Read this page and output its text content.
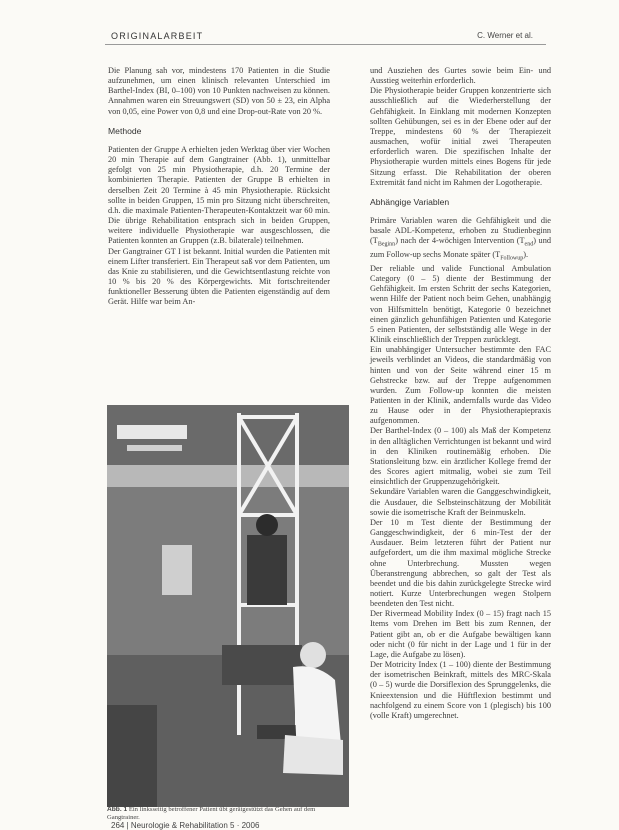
ORIGINALARBEIT	C. Werner et al.

Die Planung sah vor, mindestens 170 Patienten in die Studie aufzunehmen, um einen klinisch relevanten Unterschied im Barthel-Index (BI, 0–100) von 10 Punkten nachweisen zu können. Annahmen waren ein Streuungswert (SD) von 50 ± 23, ein Alpha von 0,05, eine Power von 0,8 und eine Drop-out-Rate von 20 %.

Methode

Patienten der Gruppe A erhielten jeden Werktag über vier Wochen 20 min Therapie auf dem Gangtrainer (Abb. 1), unmittelbar gefolgt von 25 min Physiotherapie, d.h. 20 Termine der kombinierten Therapie. Patienten der Gruppe B erhielten in derselben Zeit 20 Termine à 45 min Physiotherapie. Rücksicht sollte in beiden Gruppen, 15 min pro Sitzung nicht überschreiten, d.h. die maximale Patienten-Therapeuten-Kontaktzeit war 60 min. Die übrige Rehabilitation entsprach sich in beiden Gruppen, weitere individuelle Physiotherapie war ausgeschlossen, die Patienten konnten an Gruppen (z.B. bilaterale) teilnehmen.

Der Gangtrainer GT I ist bekannt. Initial wurden die Patienten mit einem Lifter transferiert. Ein Therapeut saß vor dem Patienten, um das Knie zu stabilisieren, und die Gewichtsentlastung reichte von 10 % bis 20 % des Körpergewichts. Mit fortschreitender funktioneller Besserung übten die Patienten eigenständig auf dem Gerät. Hilfe war beim An-

Abb. 1 Ein linksseitig betroffener Patient übt gerätgestützt das Gehen auf dem Gangtrainer.

und Ausziehen des Gurtes sowie beim Ein- und Ausstieg weiterhin erforderlich.

Die Physiotherapie beider Gruppen konzentrierte sich ausschließlich auf die Wiederherstellung der Gehfähigkeit. In Einklang mit modernen Konzepten sollten Gehübungen, sei es in der Ebene oder auf der Treppe, mindestens 60 % der Therapiezeit ausmachen, wofür initial zwei Therapeuten erforderlich waren. Die spezifischen Inhalte der Physiotherapie wurden mittels eines Bogens für jede Sitzung erfasst. Die Rehabilitation der oberen Extremität fand nicht im Rahmen der Logotherapie.

Abhängige Variablen

Primäre Variablen waren die Gehfähigkeit und die basale ADL-Kompetenz, erhoben zu Studienbeginn $(T_{Beginn})$ nach der 4-wöchigen Intervention $(T_{end})$ und zum Follow-up sechs Monate später $(T_{Followup})$.

Der reliable und valide Functional Ambulation Category (0 – 5) diente der Bestimmung der Gehfähigkeit. Im ersten Schritt der sechs Kategorien, wenn Hilfe der Patient noch beim Gehen, unabhängig von Hilfsmitteln benötigt, Kategorie 0 bezeichnet einen gänzlich gehunfähigen Patienten und Kategorie 5 einen Patienten, der selbstständig alle Wege in der Klinik einschließlich der Treppen zurücklegt.

Ein unabhängiger Untersucher bestimmte den FAC jeweils verblindet an Videos, die standardmäßig von hinten und von der Seite während einer 15 m Gehstrecke bzw. auf der Treppe aufgenommen wurden. Zum Follow-up konnten die meisten Patienten in der Klinik, andernfalls wurde das Video zu Hause oder in der Physiotherapiepraxis aufgenommen.

Der Barthel-Index (0 – 100) als Maß der Kompetenz in den alltäglichen Verrichtungen ist bekannt und wird in den Kliniken routinemäßig erhoben. Die Stationsleitung bzw. ein ärztlicher Kollege fremd der des Scores agiert mitmalig, wobei sie zum Teil einsichtlich der Gruppenzugehörigkeit.

Sekundäre Variablen waren die Ganggeschwindigkeit, die Ausdauer, die Selbsteinschätzung der Mobilität sowie die isometrische Kraft der Beinmuskeln.

Der 10 m Test diente der Bestimmung der Ganggeschwindigkeit, der 6 min-Test der der Ausdauer. Beim letzteren führt der Patient nur aufgefordert, um die ihm maximal mögliche Strecke ohne Unterbrechung. Mussten wegen Überanstrengung abbrechen, so galt der Test als beendet und die bis dahin zurückgelegte Strecke wird notiert. Kurze Unterbrechungen wegen Stolpern beendeten den Test nicht.

Der Rivermead Mobility Index (0 – 15) fragt nach 15 Items vom Drehen im Bett bis zum Rennen, der Patient gibt an, ob er die Aufgabe bewältigen kann oder nicht (0 für nicht in der Lage und 1 für in der Lage, die Aufgabe zu lösen).

Der Motricity Index (1 – 100) diente der Bestimmung der isometrischen Beinkraft, mittels des MRC-Skala (0 – 5) wurde die Dorsiflexion des Sprunggelenks, die Knieextension und die Hüftflexion bestimmt und nachfolgend zu einem Score von 1 (plegisch) bis 100 (volle Kraft) umgerechnet.

264 | Neurologie & Rehabilitation 5 · 2006
